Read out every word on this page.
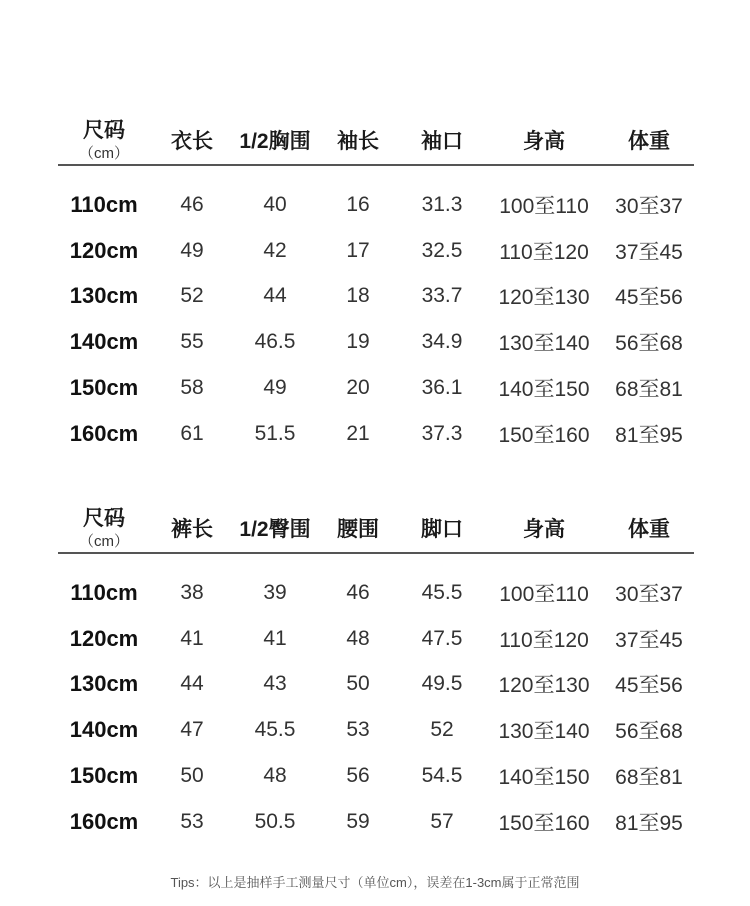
尺码
（cm）	衣长	1/2胸围	袖长	袖口	身高	体重
110cm	46	40	16	31.3	100至110	30至37
120cm	49	42	17	32.5	110至120	37至45
130cm	52	44	18	33.7	120至130	45至56
140cm	55	46.5	19	34.9	130至140	56至68
150cm	58	49	20	36.1	140至150	68至81
160cm	61	51.5	21	37.3	150至160	81至95
尺码
（cm）	裤长	1/2臀围	腰围	脚口	身高	体重
110cm	38	39	46	45.5	100至110	30至37
120cm	41	41	48	47.5	110至120	37至45
130cm	44	43	50	49.5	120至130	45至56
140cm	47	45.5	53	52	130至140	56至68
150cm	50	48	56	54.5	140至150	68至81
160cm	53	50.5	59	57	150至160	81至95
Tips：以上是抽样手工测量尺寸（单位cm），误差在1-3cm属于正常范围
